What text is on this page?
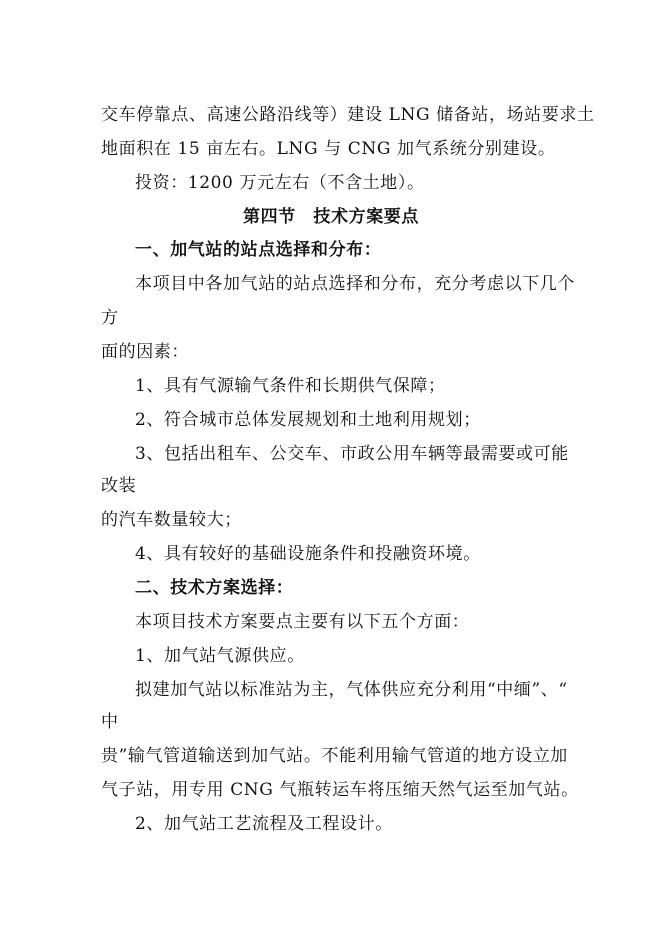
交车停靠点、高速公路沿线等）建设 LNG 储备站，场站要求土
地面积在 15 亩左右。LNG 与 CNG 加气系统分别建设。
投资：1200 万元左右（不含土地）。
第四节　技术方案要点
一、加气站的站点选择和分布：
本项目中各加气站的站点选择和分布，充分考虑以下几个
方
面的因素：
1、具有气源输气条件和长期供气保障；
2、符合城市总体发展规划和土地利用规划；
3、包括出租车、公交车、市政公用车辆等最需要或可能
改装
的汽车数量较大；
4、具有较好的基础设施条件和投融资环境。
二、技术方案选择：
本项目技术方案要点主要有以下五个方面：
1、加气站气源供应。
拟建加气站以标准站为主，气体供应充分利用“中缅”、“
中
贵”输气管道输送到加气站。不能利用输气管道的地方设立加
气子站，用专用 CNG 气瓶转运车将压缩天然气运至加气站。
2、加气站工艺流程及工程设计。
